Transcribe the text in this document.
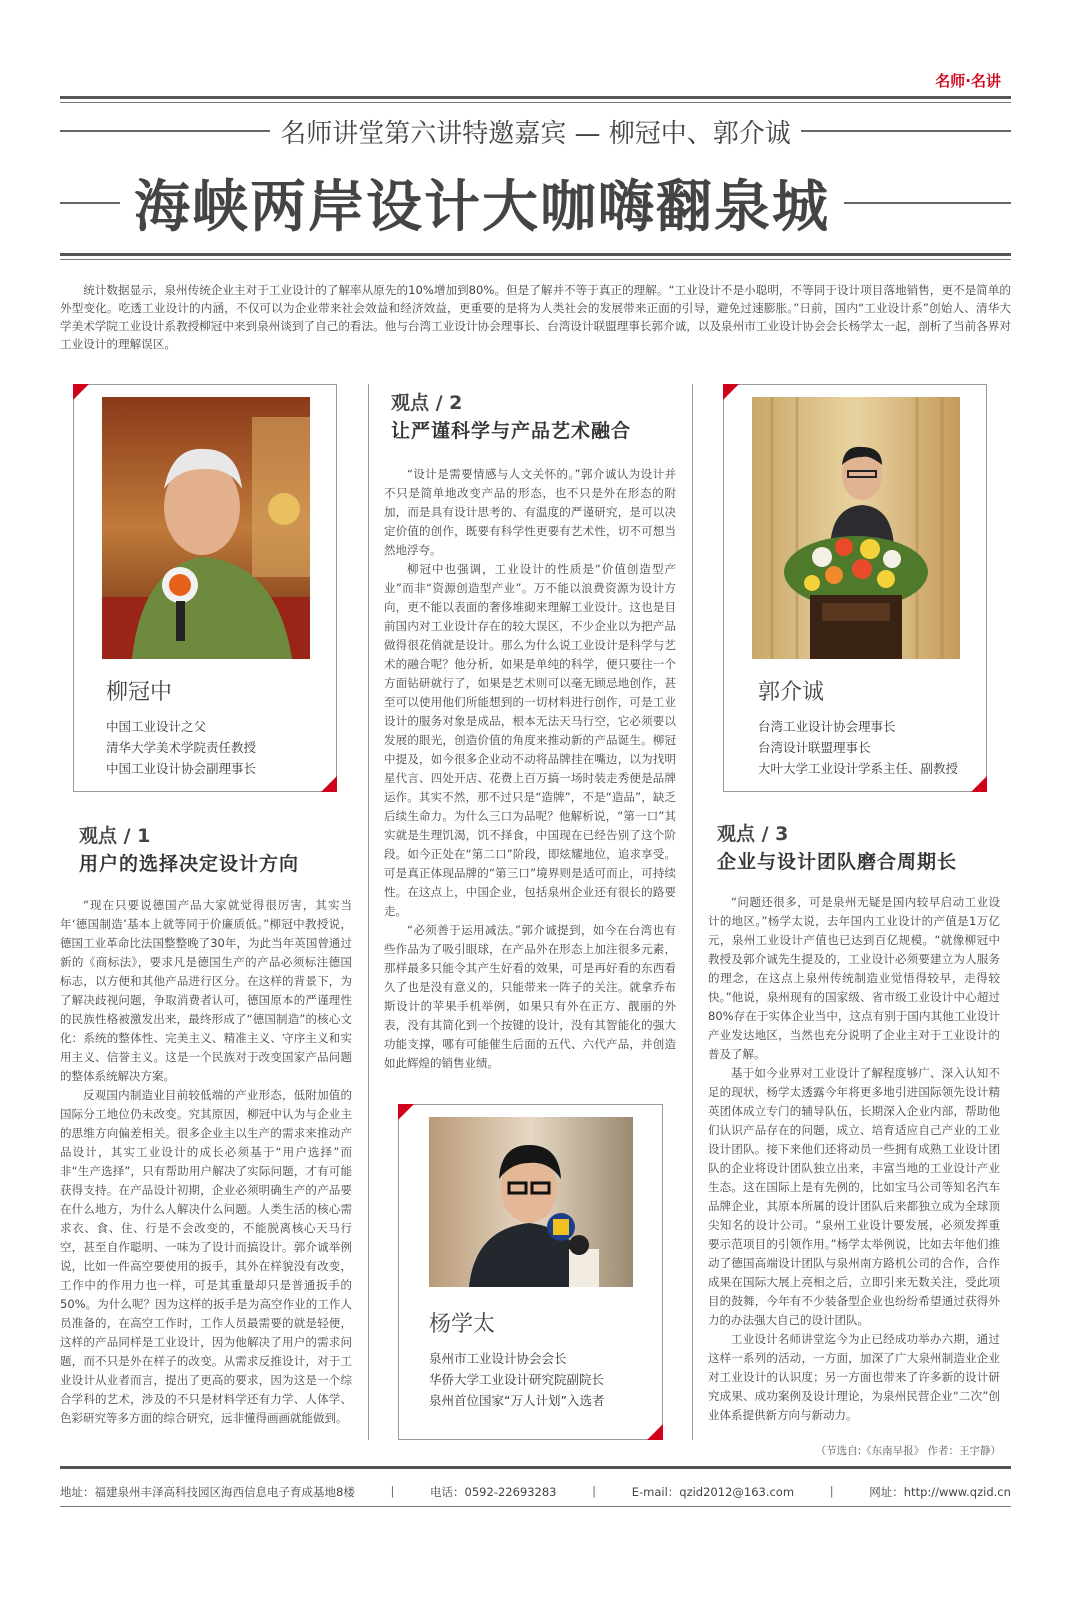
名师·名讲
名师讲堂第六讲特邀嘉宾 — 柳冠中、郭介诚
海峡两岸设计大咖嗨翻泉城
统计数据显示，泉州传统企业主对于工业设计的了解率从原先的10%增加到80%。但是了解并不等于真正的理解。“工业设计不是小聪明，不等同于设计项目落地销售，更不是简单的外型变化。吃透工业设计的内涵，不仅可以为企业带来社会效益和经济效益，更重要的是将为人类社会的发展带来正面的引导，避免过速膨胀。”日前，国内“工业设计系”创始人、清华大学美术学院工业设计系教授柳冠中来到泉州谈到了自己的看法。他与台湾工业设计协会理事长、台湾设计联盟理事长郭介诚，以及泉州市工业设计协会会长杨学太一起，剖析了当前各界对工业设计的理解误区。
柳冠中
中国工业设计之父
清华大学美术学院责任教授
中国工业设计协会副理事长
郭介诚
台湾工业设计协会理事长
台湾设计联盟理事长
大叶大学工业设计学系主任、副教授
杨学太
泉州市工业设计协会会长
华侨大学工业设计研究院副院长
泉州首位国家“万人计划”入选者
观点 / 2
让严谨科学与产品艺术融合

“设计是需要情感与人文关怀的。”郭介诚认为设计并不只是简单地改变产品的形态，也不只是外在形态的附加，而是具有设计思考的、有温度的严谨研究，是可以决定价值的创作，既要有科学性更要有艺术性，切不可想当然地浮夸。

柳冠中也强调，工业设计的性质是“价值创造型产业”而非“资源创造型产业”。万不能以浪费资源为设计方向，更不能以表面的奢侈堆砌来理解工业设计。这也是目前国内对工业设计存在的较大误区，不少企业以为把产品做得很花俏就是设计。那么为什么说工业设计是科学与艺术的融合呢？他分析，如果是单纯的科学，便只要往一个方面钻研就行了，如果是艺术则可以毫无顾忌地创作，甚至可以使用他们所能想到的一切材料进行创作，可是工业设计的服务对象是成品，根本无法天马行空，它必须要以发展的眼光，创造价值的角度来推动新的产品诞生。柳冠中提及，如今很多企业动不动将品牌挂在嘴边，以为找明星代言、四处开店、花费上百万搞一场时装走秀便是品牌运作。其实不然，那不过只是“造牌”，不是“造品”，缺乏后续生命力。为什么三口为品呢？他解析说，“第一口”其实就是生理饥渴，饥不择食，中国现在已经告别了这个阶段。如今正处在“第二口”阶段，即炫耀地位，追求享受。可是真正体现品牌的“第三口”境界则是适可而止，可持续性。在这点上，中国企业，包括泉州企业还有很长的路要走。

“必须善于运用减法。”郭介诚提到，如今在台湾也有些作品为了吸引眼球，在产品外在形态上加注很多元素，那样最多只能令其产生好看的效果，可是再好看的东西看久了也是没有意义的，只能带来一阵子的关注。就拿乔布斯设计的苹果手机举例，如果只有外在正方、靓丽的外表，没有其简化到一个按键的设计，没有其智能化的强大功能支撑，哪有可能催生后面的五代、六代产品，并创造如此辉煌的销售业绩。

观点 / 1
用户的选择决定设计方向

“现在只要说德国产品大家就觉得很厉害，其实当年‘德国制造’基本上就等同于价廉质低。”柳冠中教授说，德国工业革命比法国整整晚了30年，为此当年英国曾通过新的《商标法》，要求凡是德国生产的产品必须标注德国标志，以方便和其他产品进行区分。在这样的背景下，为了解决歧视问题，争取消费者认可，德国原本的严谨理性的民族性格被激发出来，最终形成了“德国制造”的核心文化：系统的整体性、完美主义、精准主义、守序主义和实用主义、信誉主义。这是一个民族对于改变国家产品问题的整体系统解决方案。

反观国内制造业目前较低端的产业形态，低附加值的国际分工地位仍未改变。究其原因，柳冠中认为与企业主的思维方向偏差相关。很多企业主以生产的需求来推动产品设计，其实工业设计的成长必须基于“用户选择”而非“生产选择”，只有帮助用户解决了实际问题，才有可能获得支持。在产品设计初期，企业必须明确生产的产品要在什么地方，为什么人解决什么问题。人类生活的核心需求衣、食、住、行是不会改变的，不能脱离核心天马行空，甚至自作聪明、一味为了设计而搞设计。郭介诚举例说，比如一件高空要使用的扳手，其外在样貌没有改变，工作中的作用力也一样，可是其重量却只是普通扳手的50%。为什么呢？因为这样的扳手是为高空作业的工作人员准备的，在高空工作时，工作人员最需要的就是轻便，这样的产品同样是工业设计，因为他解决了用户的需求问题，而不只是外在样子的改变。从需求反推设计，对于工业设计从业者而言，提出了更高的要求，因为这是一个综合学科的艺术，涉及的不只是材料学还有力学、人体学、色彩研究等多方面的综合研究，远非懂得画画就能做到。

观点 / 3
企业与设计团队磨合周期长

“问题还很多，可是泉州无疑是国内较早启动工业设计的地区。”杨学太说，去年国内工业设计的产值是1万亿元，泉州工业设计产值也已达到百亿规模。“就像柳冠中教授及郭介诚先生提及的，工业设计必须要建立为人服务的理念，在这点上泉州传统制造业觉悟得较早，走得较快。”他说，泉州现有的国家级、省市级工业设计中心超过80%存在于实体企业当中，这点有别于国内其他工业设计产业发达地区，当然也充分说明了企业主对于工业设计的普及了解。

基于如今业界对工业设计了解程度够广、深入认知不足的现状，杨学太透露今年将更多地引进国际领先设计精英团体成立专门的辅导队伍，长期深入企业内部，帮助他们认识产品存在的问题，成立、培育适应自己产业的工业设计团队。接下来他们还将动员一些拥有成熟工业设计团队的企业将设计团队独立出来，丰富当地的工业设计产业生态。这在国际上是有先例的，比如宝马公司等知名汽车品牌企业，其原本所属的设计团队后来都独立成为全球顶尖知名的设计公司。“泉州工业设计要发展，必须发挥重要示范项目的引领作用。”杨学太举例说，比如去年他们推动了德国高端设计团队与泉州南方路机公司的合作，合作成果在国际大展上亮相之后，立即引来无数关注，受此项目的鼓舞，今年有不少装备型企业也纷纷希望通过获得外力的办法强大自己的设计团队。

工业设计名师讲堂迄今为止已经成功举办六期，通过这样一系列的活动，一方面，加深了广大泉州制造业企业对工业设计的认识度；另一方面也带来了许多新的设计研究成果、成功案例及设计理论，为泉州民营企业“二次”创业体系提供新方向与新动力。

（节选自:《东南早报》 作者：王宇静）
地址：福建泉州丰泽高科技园区海西信息电子育成基地8楼	|	电话：0592-22693283	|	E-mail：qzid2012@163.com	|	网址：http://www.qzid.cn
